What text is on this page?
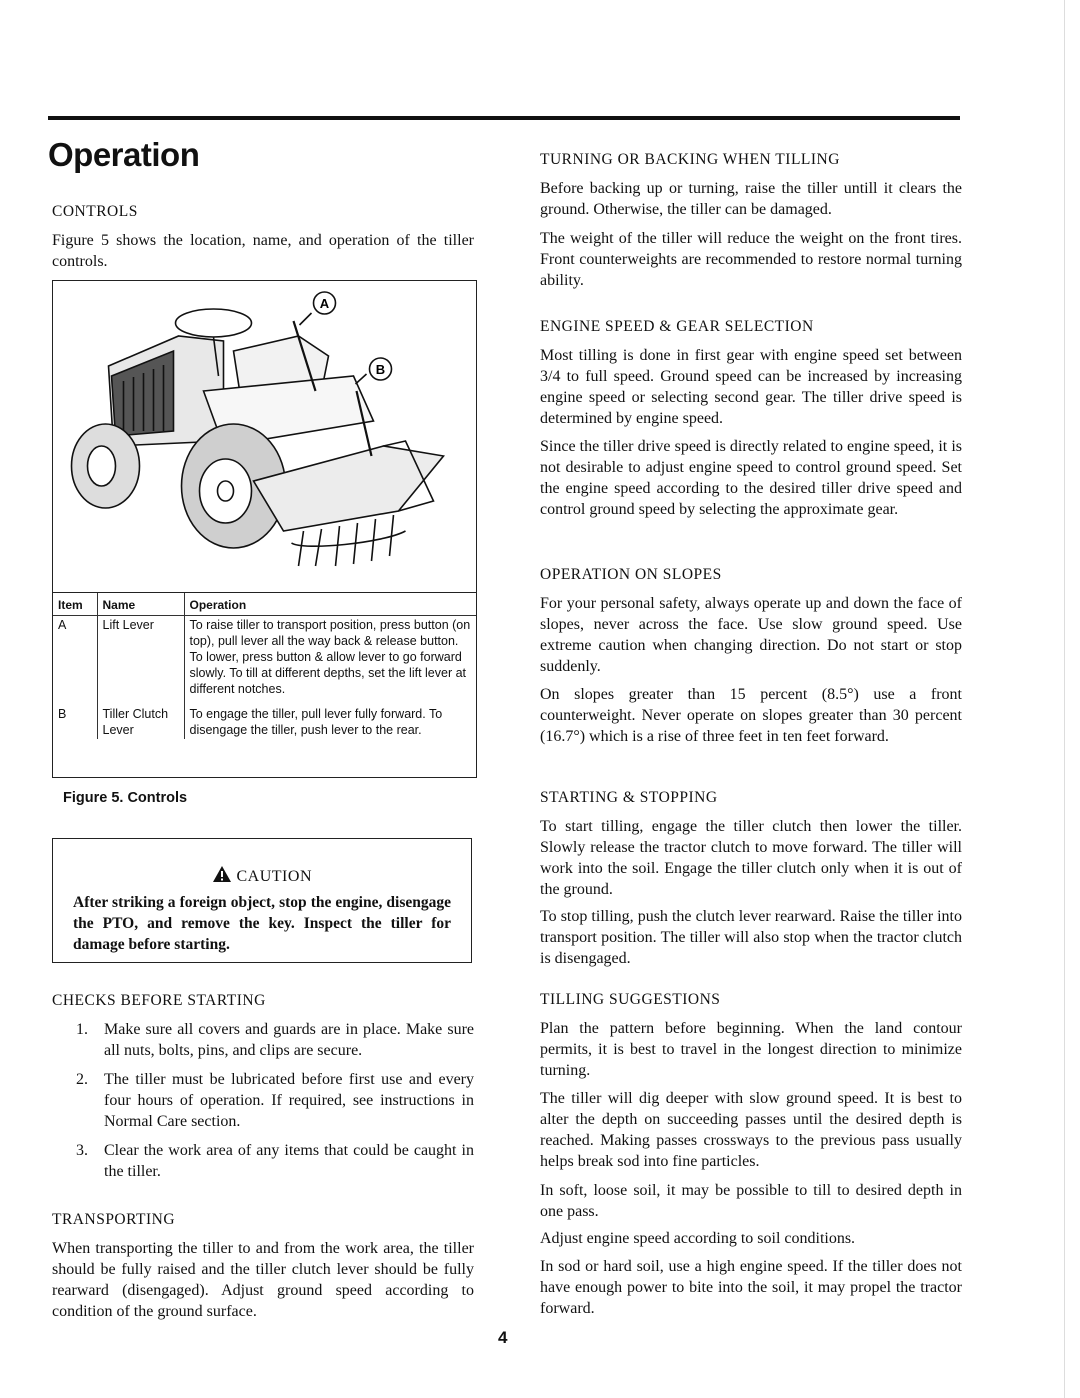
Operation
CONTROLS

Figure 5 shows the location, name, and operation of the tiller controls.

A
B
Item	Name	Operation
A	Lift Lever	To raise tiller to transport position, press button (on top), pull lever all the way back & release button. To lower, press button & allow lever to go forward slowly. To till at different depths, set the lift lever at different notches.
B	Tiller Clutch Lever	To engage the tiller, pull lever fully forward. To disengage the tiller, push lever to the rear.
Figure 5. Controls
CAUTION
After striking a foreign object, stop the engine, disengage the PTO, and remove the key. Inspect the tiller for damage before starting.
CHECKS BEFORE STARTING
1. Make sure all covers and guards are in place. Make sure all nuts, bolts, pins, and clips are secure.
2. The tiller must be lubricated before first use and every four hours of operation. If required, see instructions in Normal Care section.
3. Clear the work area of any items that could be caught in the tiller.
TRANSPORTING

When transporting the tiller to and from the work area, the tiller should be fully raised and the tiller clutch lever should be fully rearward (disengaged). Adjust ground speed according to condition of the ground surface.

TURNING OR BACKING WHEN TILLING

Before backing up or turning, raise the tiller untill it clears the ground. Otherwise, the tiller can be damaged.

The weight of the tiller will reduce the weight on the front tires. Front counterweights are recommended to restore normal turning ability.

ENGINE SPEED & GEAR SELECTION

Most tilling is done in first gear with engine speed set between 3/4 to full speed. Ground speed can be increased by increasing engine speed or selecting second gear. The tiller drive speed is determined by engine speed.

Since the tiller drive speed is directly related to engine speed, it is not desirable to adjust engine speed to control ground speed. Set the engine speed according to the desired tiller drive speed and control ground speed by selecting the approximate gear.

OPERATION ON SLOPES

For your personal safety, always operate up and down the face of slopes, never across the face. Use slow ground speed. Use extreme caution when changing direction. Do not start or stop suddenly.

On slopes greater than 15 percent (8.5°) use a front counterweight. Never operate on slopes greater than 30 percent (16.7°) which is a rise of three feet in ten feet forward.

STARTING & STOPPING

To start tilling, engage the tiller clutch then lower the tiller. Slowly release the tractor clutch to move forward. The tiller will work into the soil. Engage the tiller clutch only when it is out of the ground.

To stop tilling, push the clutch lever rearward. Raise the tiller into transport position. The tiller will also stop when the tractor clutch is disengaged.

TILLING SUGGESTIONS

Plan the pattern before beginning. When the land contour permits, it is best to travel in the longest direction to minimize turning.

The tiller will dig deeper with slow ground speed. It is best to alter the depth on succeeding passes until the desired depth is reached. Making passes crossways to the previous pass usually helps break sod into fine particles.

In soft, loose soil, it may be possible to till to desired depth in one pass.

Adjust engine speed according to soil conditions.

In sod or hard soil, use a high engine speed. If the tiller does not have enough power to bite into the soil, it may propel the tractor forward.

4
